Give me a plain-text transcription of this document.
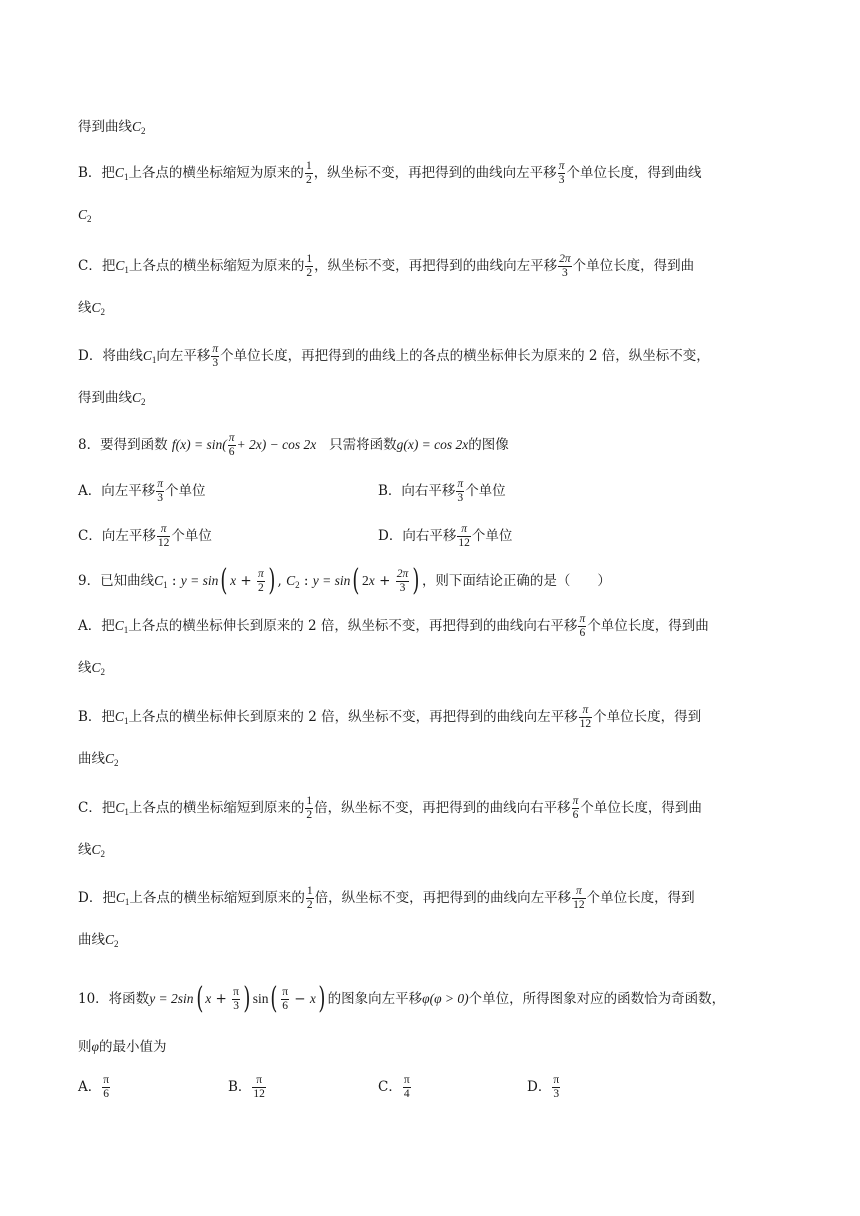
得到曲线$C_2$
B．把$C_1$上各点的横坐标缩短为原来的 $\frac{1}{2}$ ，纵坐标不变，再把得到的曲线向左平移 $\frac{\pi}{3}$ 个单位长度，得到曲线
$C_2$
C．把$C_1$上各点的横坐标缩短为原来的 $\frac{1}{2}$ ，纵坐标不变，再把得到的曲线向左平移 $\frac{2\pi}{3}$ 个单位长度，得到曲
线$C_2$
D．将曲线$C_1$向左平移 $\frac{\pi}{3}$ 个单位长度，再把得到的曲线上的各点的横坐标伸长为原来的 2 倍，纵坐标不变，
得到曲线$C_2$
8．要得到函数 $f(x) = \sin( \frac{\pi}{6} + 2x) - \cos 2x$ 只需将函数g(x) = cos 2x的图像
A．向左平移 $\frac{\pi}{3}$ 个单位	B．向右平移 $\frac{\pi}{3}$ 个单位
C．向左平移 $\frac{\pi}{12}$ 个单位	D．向右平移 $\frac{\pi}{12}$ 个单位
9．已知曲线$C_1$ : y = sin( $x + \frac{\pi}{2}$ ) , $C_2$ : y = sin( $2x + \frac{2\pi}{3}$ ) ，则下面结论正确的是（　　）
A．把$C_1$上各点的横坐标伸长到原来的 2 倍，纵坐标不变，再把得到的曲线向右平移 $\frac{\pi}{6}$ 个单位长度，得到曲
线$C_2$
B．把$C_1$上各点的横坐标伸长到原来的 2 倍，纵坐标不变，再把得到的曲线向左平移 $\frac{\pi}{12}$ 个单位长度，得到
曲线$C_2$
C．把$C_1$上各点的横坐标缩短到原来的 $\frac{1}{2}$ 倍，纵坐标不变，再把得到的曲线向右平移 $\frac{\pi}{6}$ 个单位长度，得到曲
线$C_2$
D．把$C_1$上各点的横坐标缩短到原来的 $\frac{1}{2}$ 倍，纵坐标不变，再把得到的曲线向左平移 $\frac{\pi}{12}$ 个单位长度，得到
曲线$C_2$
10．将函数y = 2sin( $x + \frac{\pi}{3}$ ) $\sin( \frac{\pi}{6} - x)$ 的图象向左平移φ(φ > 0)个单位，所得图象对应的函数恰为奇函数，
则φ的最小值为
A． $\frac{\pi}{6}$	B． $\frac{\pi}{12}$	C． $\frac{\pi}{4}$	D． $\frac{\pi}{3}$
